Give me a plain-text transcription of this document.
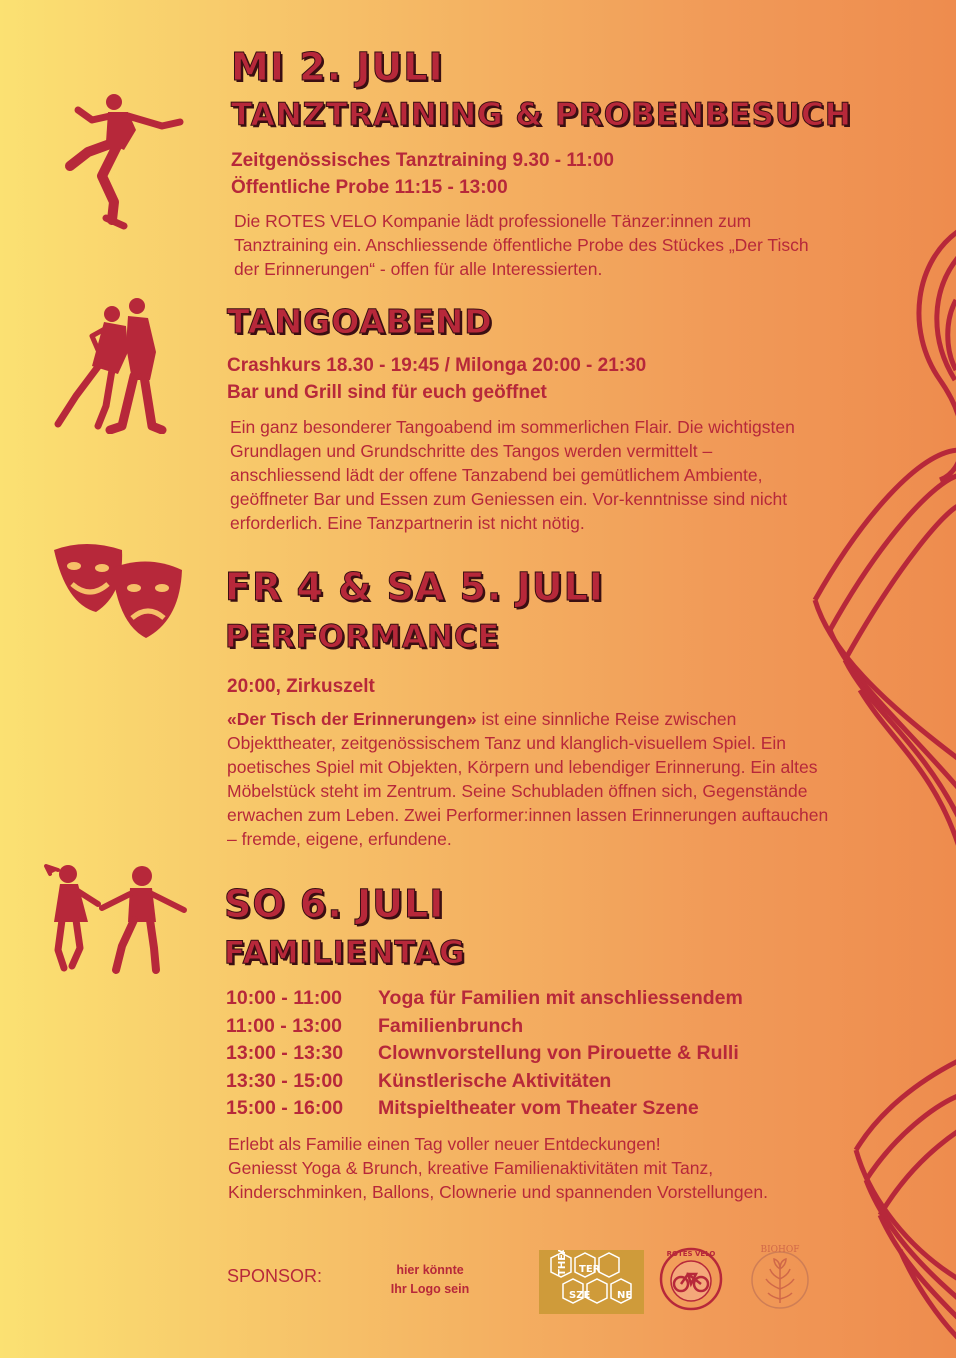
MI 2. JULI
TANZTRAINING & PROBENBESUCH
Zeitgenössisches Tanztraining 9.30 - 11:00
Öffentliche Probe 11:15 - 13:00
Die ROTES VELO Kompanie lädt professionelle Tänzer:innen zum
Tanztraining ein. Anschliessende öffentliche Probe des Stückes „Der Tisch
der Erinnerungen“ - offen für alle Interessierten.
TANGOABEND
Crashkurs 18.30 - 19:45 / Milonga 20:00 - 21:30
Bar und Grill sind für euch geöffnet
Ein ganz besonderer Tangoabend im sommerlichen Flair. Die wichtigsten
Grundlagen und Grundschritte des Tangos werden vermittelt –
anschliessend lädt der offene Tanzabend bei gemütlichem Ambiente,
geöffneter Bar und Essen zum Geniessen ein. Vor-kenntnisse sind nicht
erforderlich. Eine Tanzpartnerin ist nicht nötig.
FR 4 & SA 5. JULI
PERFORMANCE
20:00, Zirkuszelt
«Der Tisch der Erinnerungen» ist eine sinnliche Reise zwischen
Objekttheater, zeitgenössischem Tanz und klanglich-visuellem Spiel. Ein
poetisches Spiel mit Objekten, Körpern und lebendiger Erinnerung. Ein altes
Möbelstück steht im Zentrum. Seine Schubladen öffnen sich, Gegenstände
erwachen zum Leben. Zwei Performer:innen lassen Erinnerungen auftauchen
– fremde, eigene, erfundene.
SO 6. JULI
FAMILIENTAG
10:00 - 11:00 Yoga für Familien mit anschliessendem
11:00 - 13:00 Familienbrunch
13:00 - 13:30 Clownvorstellung von Pirouette & Rulli
13:30 - 15:00 Künstlerische Aktivitäten
15:00 - 16:00 Mitspieltheater vom Theater Szene
Erlebt als Familie einen Tag voller neuer Entdeckungen!
Geniesst Yoga & Brunch, kreative Familienaktivitäten mit Tanz,
Kinderschminken, Ballons, Clownerie und spannenden Vorstellungen.
SPONSOR:	hier könnte
Ihr Logo sein
THEA TER
SZE	NE
ROTES VELO	BIOHOF
